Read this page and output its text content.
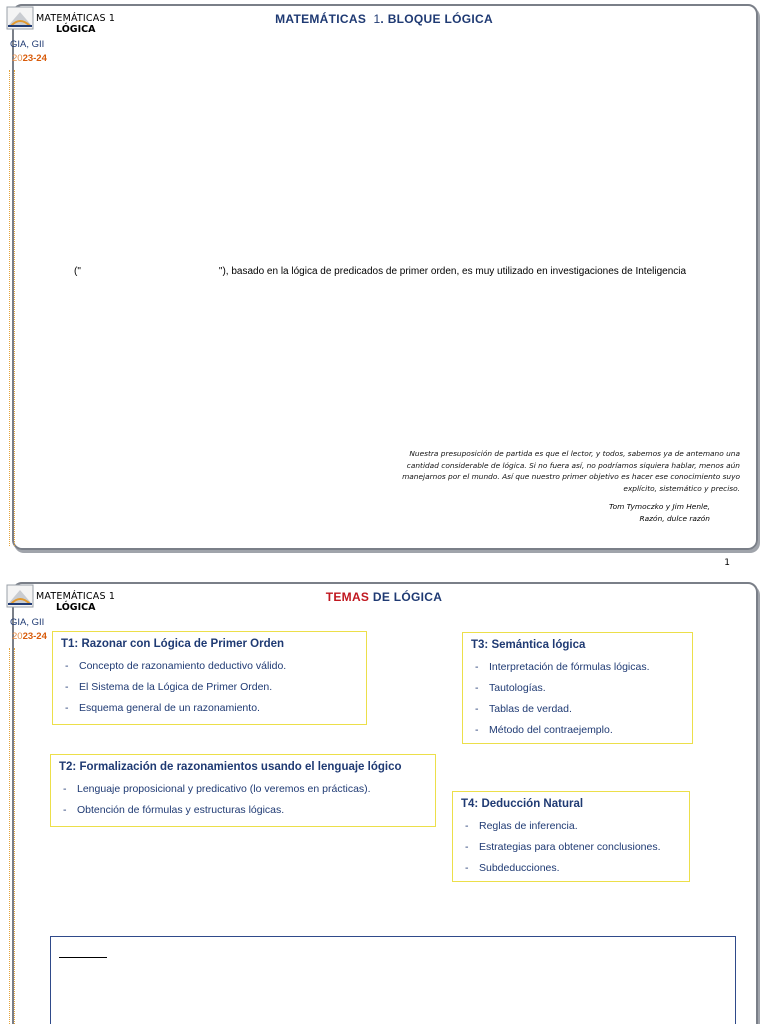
MATEMÁTICAS 1
LÓGICA
GIA, GII
2023-24
MATEMÁTICAS 1. BLOQUE LÓGICA
("	"), basado en la lógica de predicados de primer orden, es muy utilizado en investigaciones de Inteligencia
Nuestra presuposición de partida es que el lector, y todos, sabemos ya de antemano una cantidad considerable de lógica. Si no fuera así, no podríamos siquiera hablar, menos aún manejarnos por el mundo. Así que nuestro primer objetivo es hacer ese conocimiento suyo explícito, sistemático y preciso.
Tom Tymoczko y Jim Henle,
Razón, dulce razón
1
MATEMÁTICAS 1
LÓGICA
GIA, GII
2023-24
TEMAS DE LÓGICA
T1: Razonar con Lógica de Primer Orden
- Concepto de razonamiento deductivo válido.
- El Sistema de la Lógica de Primer Orden.
- Esquema general de un razonamiento.
T3: Semántica lógica
- Interpretación de fórmulas lógicas.
- Tautologías.
- Tablas de verdad.
- Método del contraejemplo.
T2: Formalización de razonamientos usando el lenguaje lógico
- Lenguaje proposicional y predicativo (lo veremos en prácticas).
- Obtención de fórmulas y estructuras lógicas.	T4: Deducción Natural
- Reglas de inferencia.
- Estrategias para obtener conclusiones.
- Subdeducciones.
